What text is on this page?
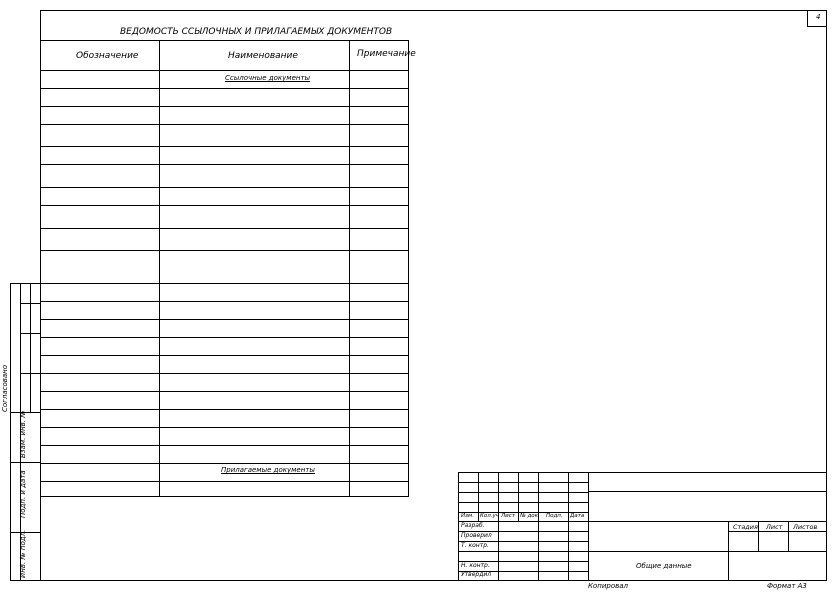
4
ВЕДОМОСТЬ ССЫЛОЧНЫХ И ПРИЛАГАЕМЫХ ДОКУМЕНТОВ
Обозначение	Наименование	Примечание
Ссылочные документы
Прилагаемые документы
Согласовано
Взам. инв. №
Подп. и дата
Инв. № подл.
Изм. Кол.уч Лист № док. Подп. Дата
Разраб.
Проверил
Т. контр.
Н. контр.
Утвердил
Стадия Лист Листов
Общие данные
Копировал	Формат А3
